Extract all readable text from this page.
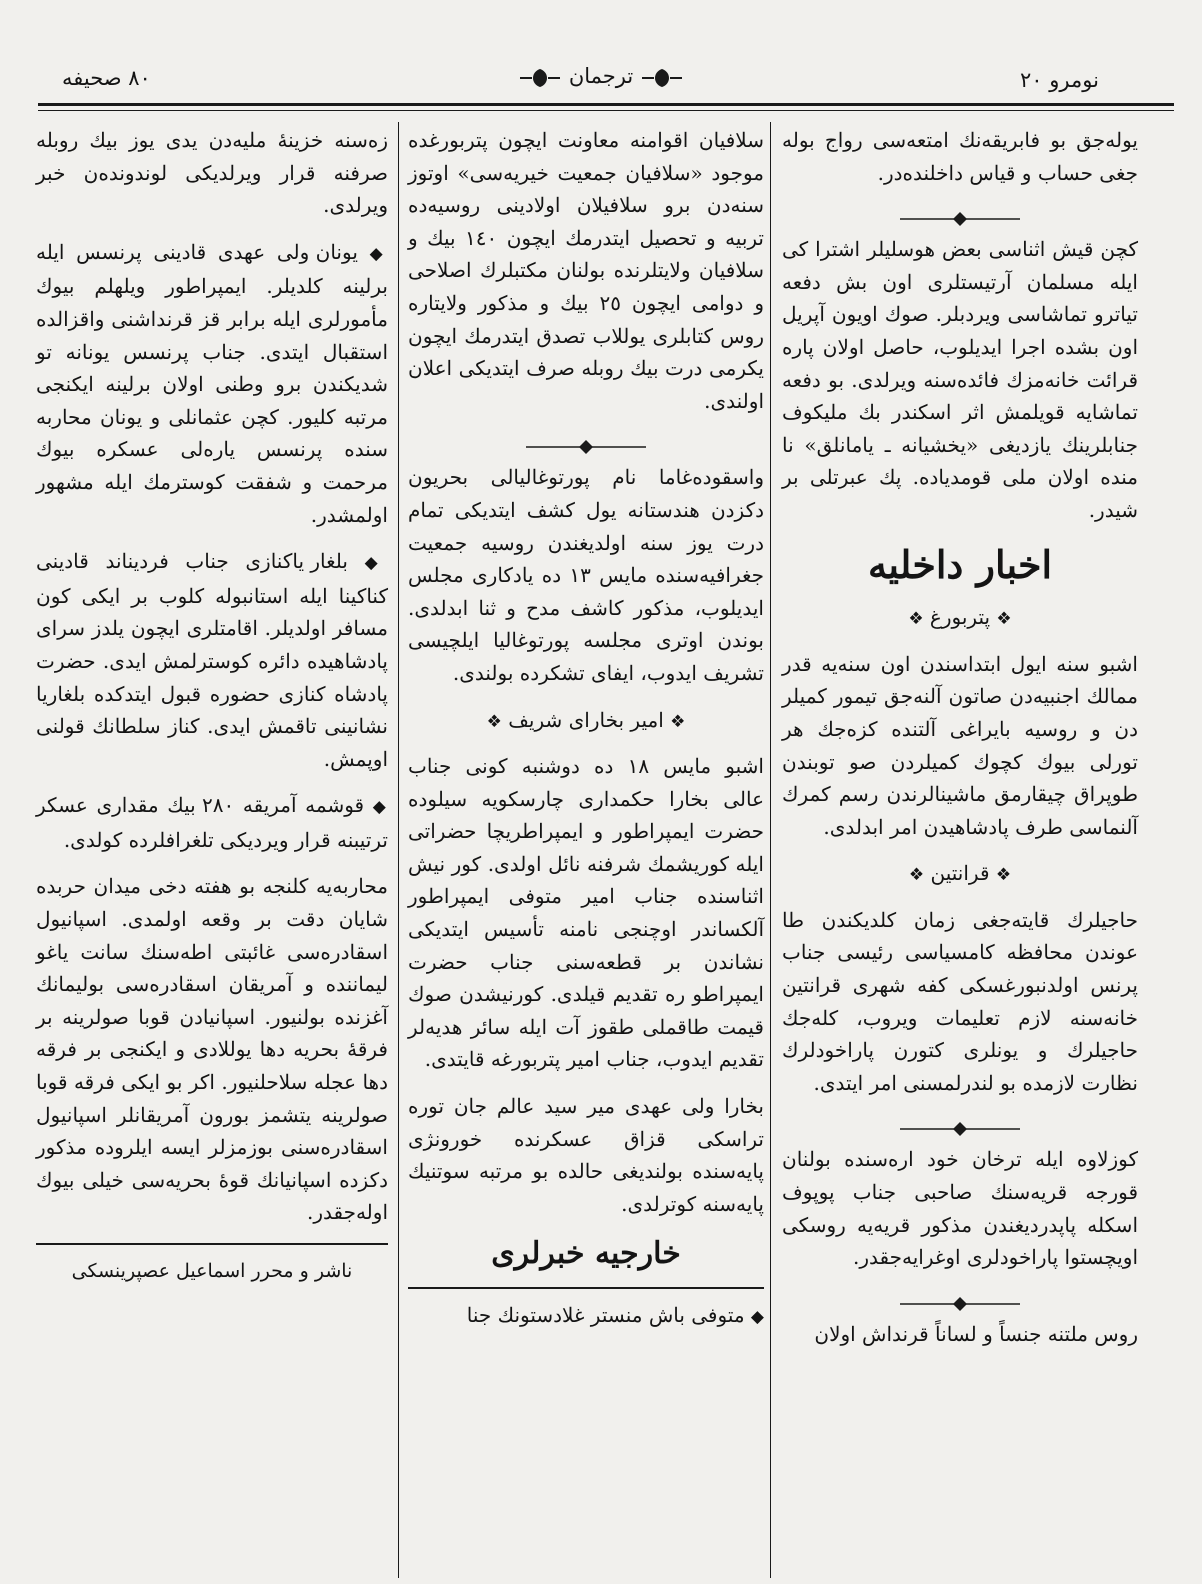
نومرو ٢٠
ترجمان
٨٠ صحيفه

يوله‌جق بو فابريقه‌نك امتعه‌سى رواج بوله جغى حساب و قياس داخلنده‌در.

كچن قيش اثناسى بعض هوسليلر اشترا كى ايله مسلمان آرتيستلرى اون بش دفعه تياترو تماشاسى ويردبلر. صوك اويون آپريل اون بشده اجرا ايديلوب، حاصل اولان پاره قرائت خانه‌مزك فائده‌سنه ويرلدى. بو دفعه تماشايه قويلمش اثر اسكندر بك مليكوف جنابلرينك يازديغى «يخشيانه ـ يامانلق» نا منده اولان ملى قومدياده. پك عبرتلى بر شيدر.

اخبار داخليه
❖ پتربورغ ❖

اشبو سنه ايول ابتداسندن اون سنه‌يه قدر ممالك اجنبيه‌دن صاتون آلنه‌جق تيمور كميلر دن و روسيه بايراغى آلتنده كزه‌جك هر تورلى بيوك كچوك كميلردن صو توبندن طوپراق چيقارمق ماشينالرندن رسم كمرك آلنماسى طرف پادشاهيدن امر ابدلدى.

❖ قرانتين ❖

حاجيلرك قايته‌جغى زمان كلديكندن طا عوندن محافظه كامسياسى رئيسى جناب پرنس اولدنبورغسكى كفه شهرى قرانتين خانه‌سنه لازم تعليمات ويروب، كله‌جك حاجيلرك و يونلرى كتورن پاراخودلرك نظارت لازمده بو لندرلمسنى امر ايتدى.

كوزلاوه ايله ترخان خود اره‌سنده بولنان قورجه قريه‌سنك صاحبى جناب پوپوف اسكله پاپدرديغندن مذكور قريه‌يه روسكى اويچستوا پاراخودلرى اوغرايه‌جقدر.

روس ملتنه جنساً و لساناً قرنداش اولان

سلافيان اقوامنه معاونت ايچون پتربورغده موجود «سلافيان جمعيت خيريه‌سى» اوتوز سنه‌دن برو سلافيلان اولادينى روسيه‌ده تربيه و تحصيل ايتدرمك ايچون ١٤٠ بيك و سلافيان ولايتلرنده بولنان مكتبلرك اصلاحى و دوامى ايچون ٢٥ بيك و مذكور ولايتاره روس كتابلرى يوللاب تصدق ايتدرمك ايچون يكرمى درت بيك روبله صرف ايتديكى اعلان اولندى.

واسقوده‌غاما نام پورتوغاليالى بحريون دكزدن هندستانه يول كشف ايتديكى تمام درت يوز سنه اولديغندن روسيه جمعيت جغرافيه‌سنده مايس ١٣ ده يادكارى مجلس ايديلوب، مذكور كاشف مدح و ثنا ابدلدى. بوندن اوترى مجلسه پورتوغاليا ايلچيسى تشريف ايدوب، ايفاى تشكرده بولندى.

❖ امير بخاراى شريف ❖

اشبو مايس ١٨ ده دوشنبه كونى جناب عالى بخارا حكمدارى چارسكويه سيلوده حضرت ايمپراطور و ايمپراطريچا حضراتى ايله كوريشمك شرفنه نائل اولدى. كور نيش اثناسنده جناب امير متوفى ايمپراطور آلكساندر اوچنجى نامنه تأسيس ايتديكى نشاندن بر قطعه‌سنى جناب حضرت ايمپراطو ره تقديم قيلدى. كورنيشدن صوك قيمت طاقملى طقوز آت ايله سائر هديه‌لر تقديم ايدوب، جناب امير پتربورغه قايتدى.

بخارا ولى عهدى مير سيد عالم جان توره تراسكى قزاق عسكرنده خورونژى پايه‌سنده بولنديغى حالده بو مرتبه سوتنيك پايه‌سنه كوترلدى.

خارجيه خبرلرى

◆ متوفى باش منستر غلادستونك جنا

زه‌سنه خزينهٔ مليه‌دن يدى يوز بيك روبله صرفنه قرار ويرلديكى لوندونده‌ن خبر ويرلدى.

◆ يونان ولى عهدى قادينى پرنسس ايله برلينه كلديلر. ايمپراطور ويلهلم بيوك مأمورلرى ايله برابر قز قرنداشنى واقزالده استقبال ايتدى. جناب پرنسس يونانه تو شديكندن برو وطنى اولان برلينه ايكنجى مرتبه كليور. كچن عثمانلى و يونان محاربه سنده پرنسس ياره‌لى عسكره بيوك مرحمت و شفقت كوسترمك ايله مشهور اولمشدر.

◆ بلغار ياكنازى جناب فرديناند قادينى كناكينا ايله استانبوله كلوب بر ايكى كون مسافر اولديلر. اقامتلرى ايچون يلدز سراى پادشاهيده دائره كوسترلمش ايدى. حضرت پادشاه كنازى حضوره قبول ايتدكده بلغاريا نشانينى تاقمش ايدى. كناز سلطانك قولنى اوپمش.

◆ قوشمه آمريقه ٢٨٠ بيك مقدارى عسكر ترتيبنه قرار ويرديكى تلغرافلرده كولدى.

محاربه‌يه كلنجه بو هفته دخى ميدان حربده شايان دقت بر وقعه اولمدى. اسپانيول اسقادره‌سى غائبتى اطه‌سنك سانت ياغو ليماننده و آمريقان اسقادره‌سى بوليمانك آغزنده بولنيور. اسپانيادن قوبا صولرينه بر فرقهٔ بحريه دها يوللادى و ايكنجى بر فرقه دها عجله سلاحلنيور. اكر بو ايكى فرقه قوبا صولرينه يتشمز بورون آمريقانلر اسپانيول اسقادره‌سنى بوزمزلر ايسه ايلروده مذكور دكزده اسپانيانك قوهٔ بحريه‌سى خيلى بيوك اوله‌جقدر.

ناشر و محرر اسماعيل عصپرينسكى
